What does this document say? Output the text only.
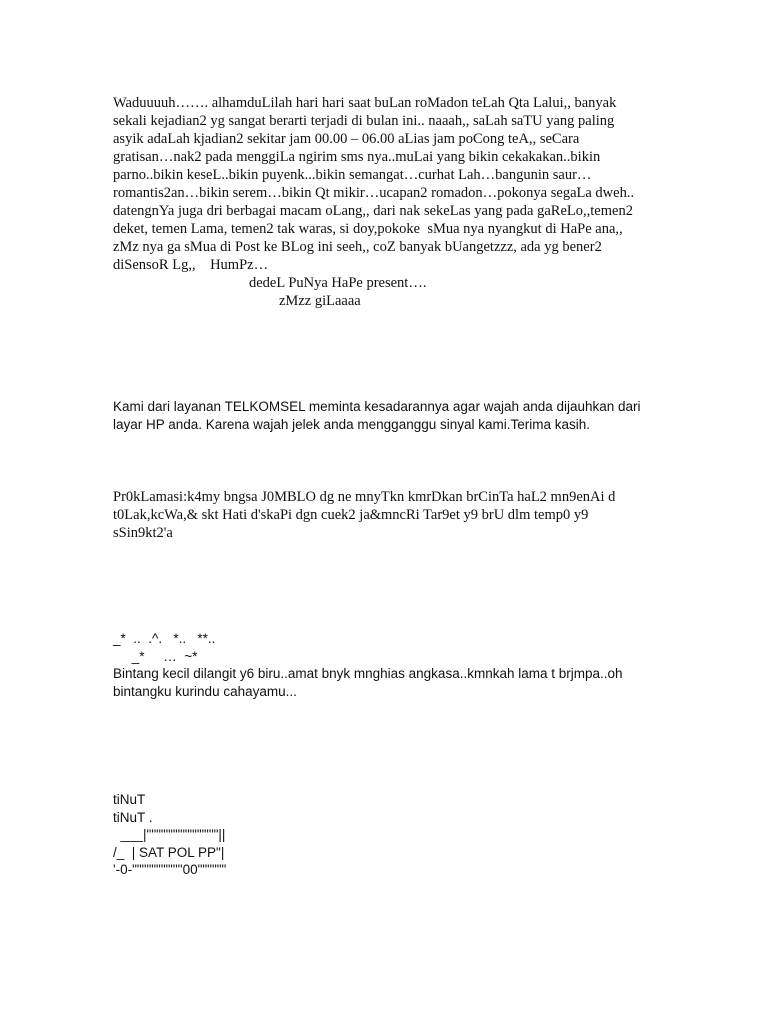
Waduuuuh……. alhamduLilah hari hari saat buLan roMadon teLah Qta Lalui,, banyak
sekali kejadian2 yg sangat berarti terjadi di bulan ini.. naaah,, saLah saTU yang paling
asyik adaLah kjadian2 sekitar jam 00.00 – 06.00 aLias jam poCong teA,, seCara
gratisan…nak2 pada menggiLa ngirim sms nya..muLai yang bikin cekakakan..bikin
parno..bikin keseL..bikin puyenk...bikin semangat…curhat Lah…bangunin saur…
romantis2an…bikin serem…bikin Qt mikir…ucapan2 romadon…pokonya segaLa dweh..
datengnYa juga dri berbagai macam oLang,, dari nak sekeLas yang pada gaReLo,,temen2
deket, temen Lama, temen2 tak waras, si doy,pokoke  sMua nya nyangkut di HaPe ana,,
zMz nya ga sMua di Post ke BLog ini seeh,, coZ banyak bUangetzzz, ada yg bener2
diSensoR Lg,,    HumPz…
dedeL PuNya HaPe present….
zMzz giLaaaa
Kami dari layanan TELKOMSEL meminta kesadarannya agar wajah anda dijauhkan dari
layar HP anda. Karena wajah jelek anda mengganggu sinyal kami.Terima kasih.
Pr0kLamasi:k4my bngsa J0MBLO dg ne mnyTkn kmrDkan brCinTa haL2 mn9enAi d
t0Lak,kcWa,& skt Hati d'skaPi dgn cuek2 ja&mncRi Tar9et y9 brU dlm temp0 y9
sSin9kt2'a
_*  ..  .^.   *..   **..
_*     …  ~*
Bintang kecil dilangit y6 biru..amat bnyk mnghias angkasa..kmnkah lama t brjmpa..oh
bintangku kurindu cahayamu...
tiNuT
tiNuT .
___|"""""""""""""""||
/_  | SAT POL PP"|
'-0-""""""""""'00""""""
